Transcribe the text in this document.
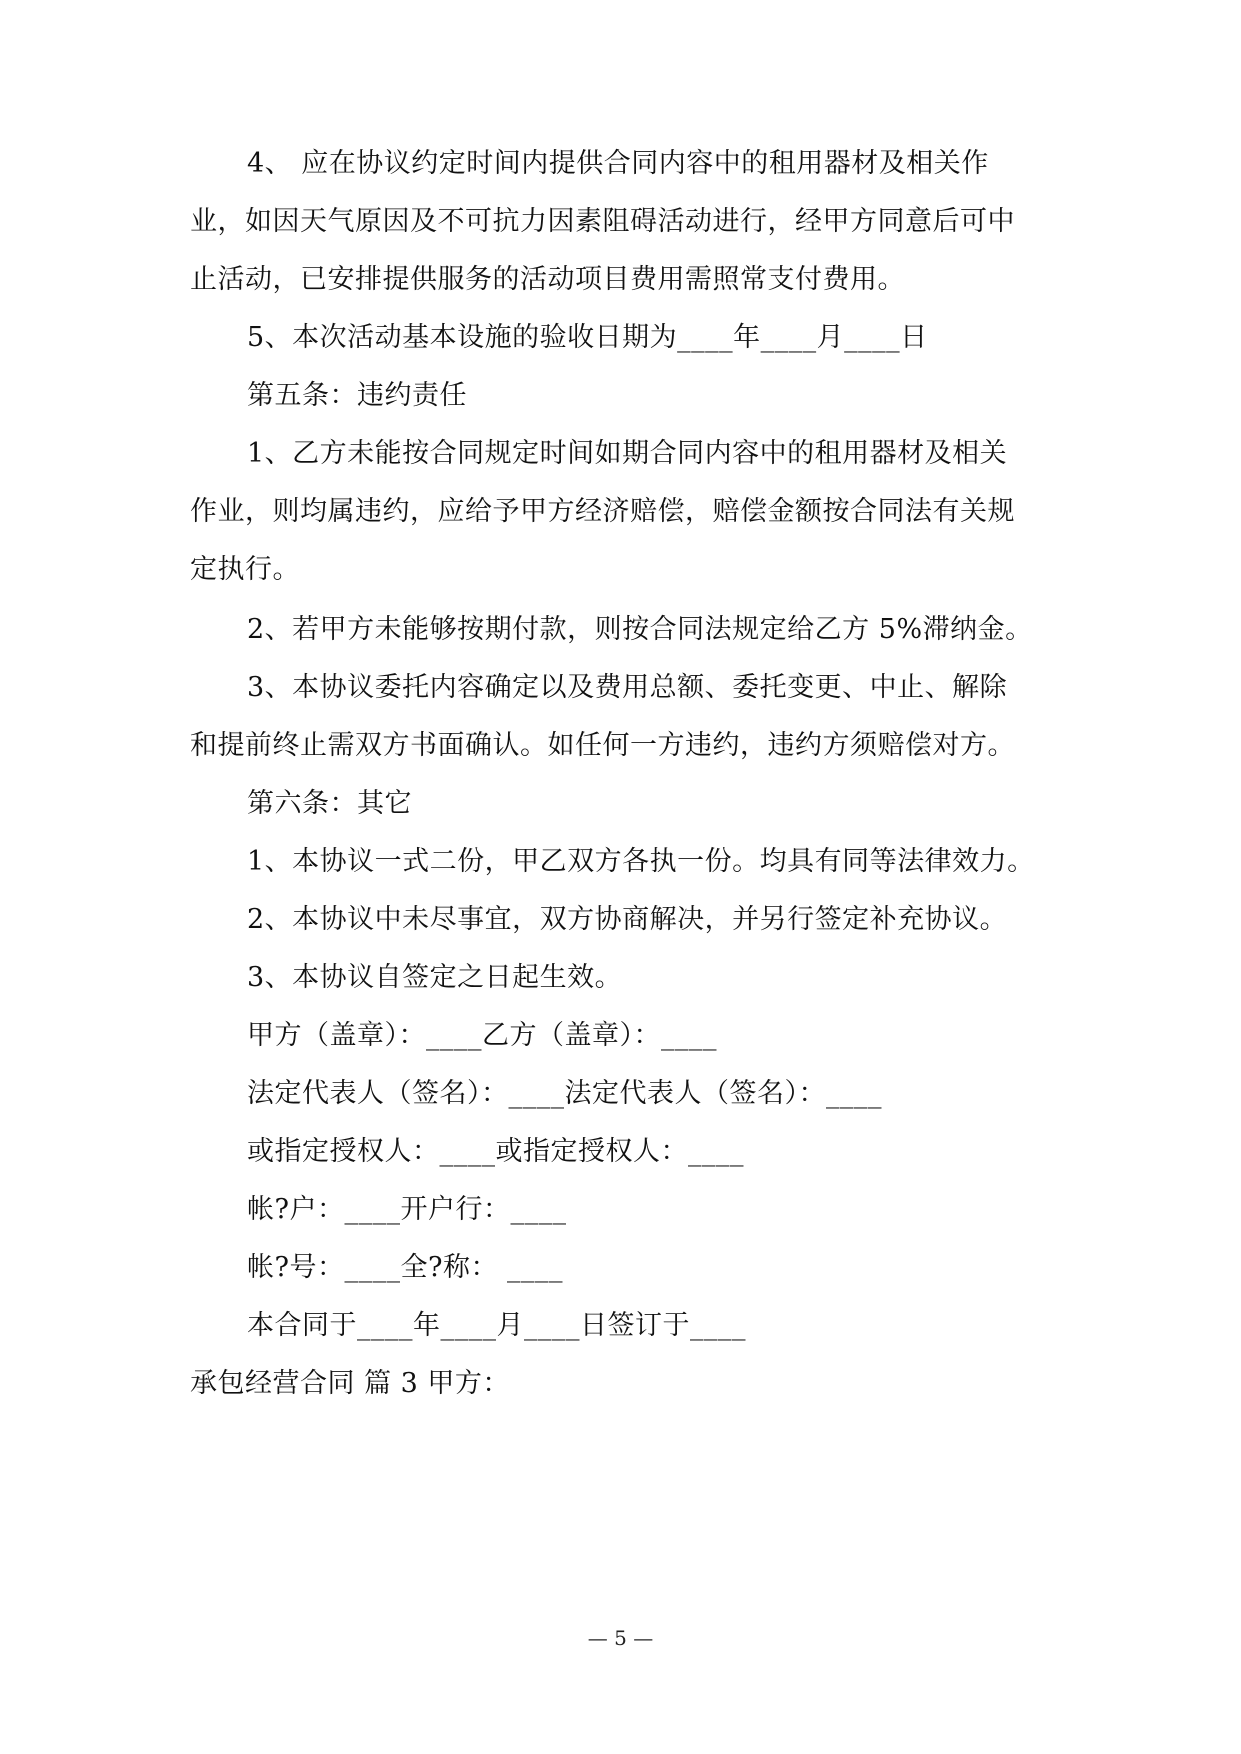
4、 应在协议约定时间内提供合同内容中的租用器材及相关作
业，如因天气原因及不可抗力因素阻碍活动进行，经甲方同意后可中
止活动，已安排提供服务的活动项目费用需照常支付费用。
5、本次活动基本设施的验收日期为____年____月____日
第五条：违约责任
1、乙方未能按合同规定时间如期合同内容中的租用器材及相关
作业，则均属违约，应给予甲方经济赔偿，赔偿金额按合同法有关规
定执行。
2、若甲方未能够按期付款，则按合同法规定给乙方 5%滞纳金。
3、本协议委托内容确定以及费用总额、委托变更、中止、解除
和提前终止需双方书面确认。如任何一方违约，违约方须赔偿对方。
第六条：其它
1、本协议一式二份，甲乙双方各执一份。均具有同等法律效力。
2、本协议中未尽事宜，双方协商解决，并另行签定补充协议。
3、本协议自签定之日起生效。
甲方（盖章）：____乙方（盖章）：____
法定代表人（签名）：____法定代表人（签名）：____
或指定授权人：____或指定授权人：____
帐?户：____开户行：____
帐?号：____全?称： ____
本合同于____年____月____日签订于____
承包经营合同 篇 3 甲方：
— 5 —
